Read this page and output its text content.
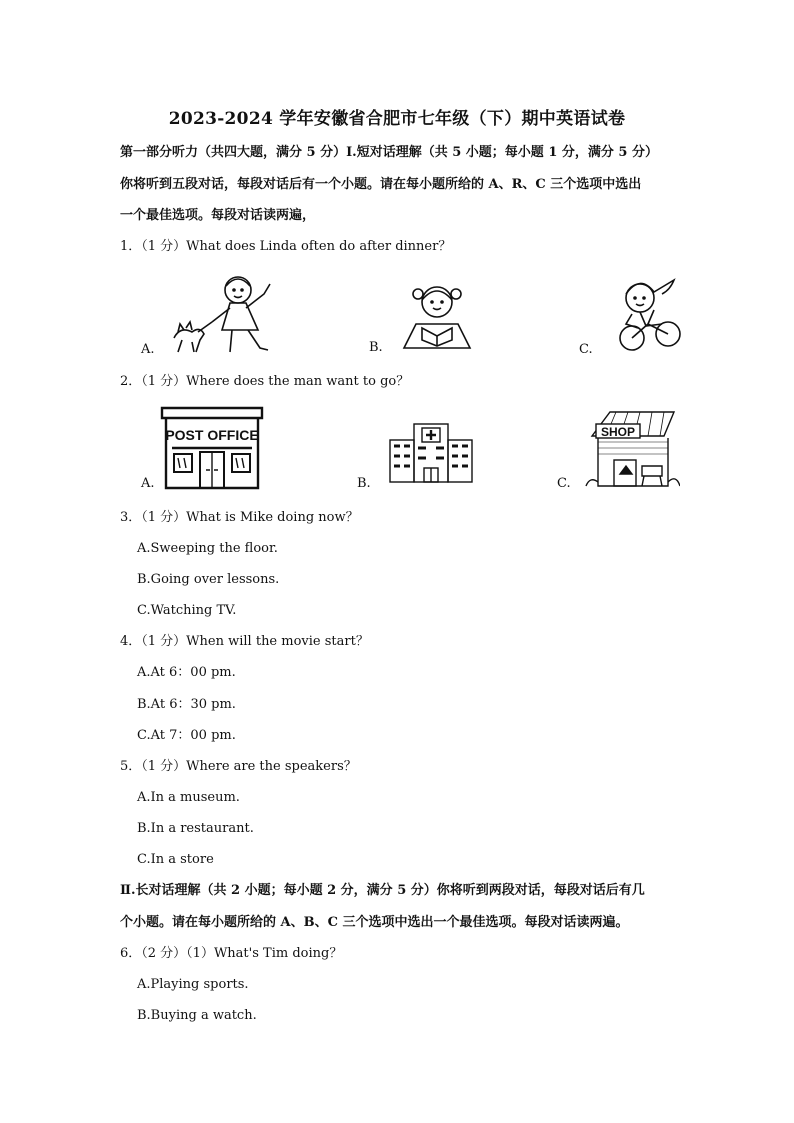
2023-2024 学年安徽省合肥市七年级（下）期中英语试卷
第一部分听力（共四大题，满分 5 分）Ⅰ.短对话理解（共 5 小题；每小题 1 分，满分 5 分）
你将听到五段对话，每段对话后有一个小题。请在每小题所给的 A、R、C 三个选项中选出
一个最佳选项。每段对话读两遍，
1．（1 分）What does Linda often do after dinner？
A.	B.	C.
2．（1 分）Where does the man want to go？
POST OFFICE
A.	B.
SHOP
C.
3．（1 分）What is Mike doing now？
A.Sweeping the floor.
B.Going over lessons.
C.Watching TV.
4．（1 分）When will the movie start？
A.At 6：00 pm.
B.At 6：30 pm.
C.At 7：00 pm.
5．（1 分）Where are the speakers？
A.In a museum.
B.In a restaurant.
C.In a store
Ⅱ.长对话理解（共 2 小题；每小题 2 分，满分 5 分）你将听到两段对话，每段对话后有几
个小题。请在每小题所给的 A、B、C 三个选项中选出一个最佳选项。每段对话读两遍。
6．（2 分）（1）What's Tim doing？
A.Playing sports.
B.Buying a watch.
